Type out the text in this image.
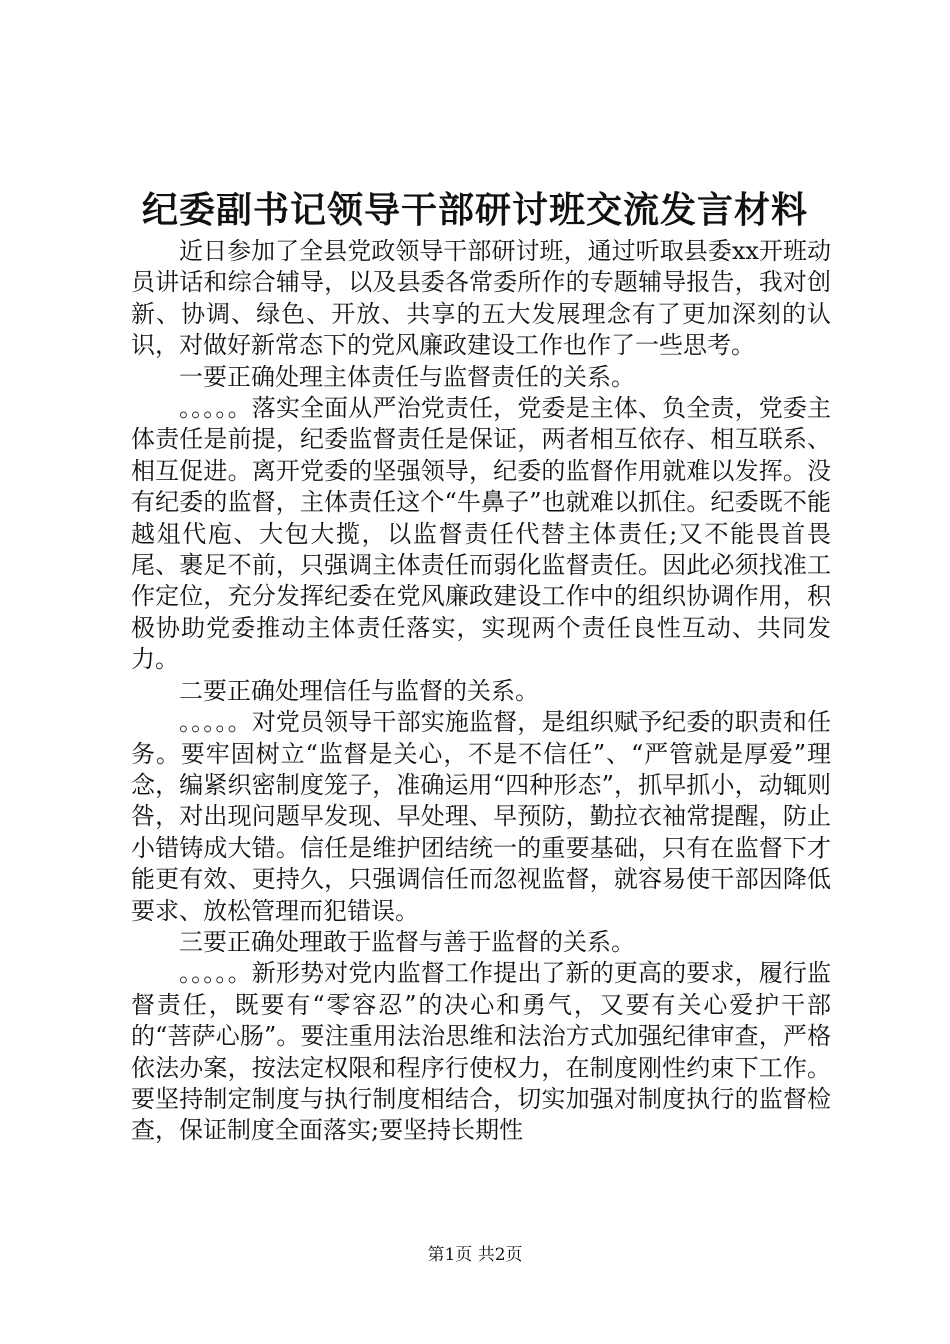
纪委副书记领导干部研讨班交流发言材料

近日参加了全县党政领导干部研讨班，通过听取县委xx开班动员讲话和综合辅导，以及县委各常委所作的专题辅导报告，我对创新、协调、绿色、开放、共享的五大发展理念有了更加深刻的认识，对做好新常态下的党风廉政建设工作也作了一些思考。

一要正确处理主体责任与监督责任的关系。

。。。。。落实全面从严治党责任，党委是主体、负全责，党委主体责任是前提，纪委监督责任是保证，两者相互依存、相互联系、相互促进。离开党委的坚强领导，纪委的监督作用就难以发挥。没有纪委的监督，主体责任这个“牛鼻子”也就难以抓住。纪委既不能越俎代庖、大包大揽，以监督责任代替主体责任;又不能畏首畏尾、裹足不前，只强调主体责任而弱化监督责任。因此必须找准工作定位，充分发挥纪委在党风廉政建设工作中的组织协调作用，积极协助党委推动主体责任落实，实现两个责任良性互动、共同发力。

二要正确处理信任与监督的关系。

。。。。。对党员领导干部实施监督，是组织赋予纪委的职责和任务。要牢固树立“监督是关心，不是不信任”、“严管就是厚爱”理念，编紧织密制度笼子，准确运用“四种形态”，抓早抓小，动辄则咎，对出现问题早发现、早处理、早预防，勤拉衣袖常提醒，防止小错铸成大错。信任是维护团结统一的重要基础，只有在监督下才能更有效、更持久，只强调信任而忽视监督，就容易使干部因降低要求、放松管理而犯错误。

三要正确处理敢于监督与善于监督的关系。

。。。。。新形势对党内监督工作提出了新的更高的要求，履行监督责任，既要有“零容忍”的决心和勇气，又要有关心爱护干部的“菩萨心肠”。要注重用法治思维和法治方式加强纪律审查，严格依法办案，按法定权限和程序行使权力，在制度刚性约束下工作。要坚持制定制度与执行制度相结合，切实加强对制度执行的监督检查，保证制度全面落实;要坚持长期性

第1页 共2页
